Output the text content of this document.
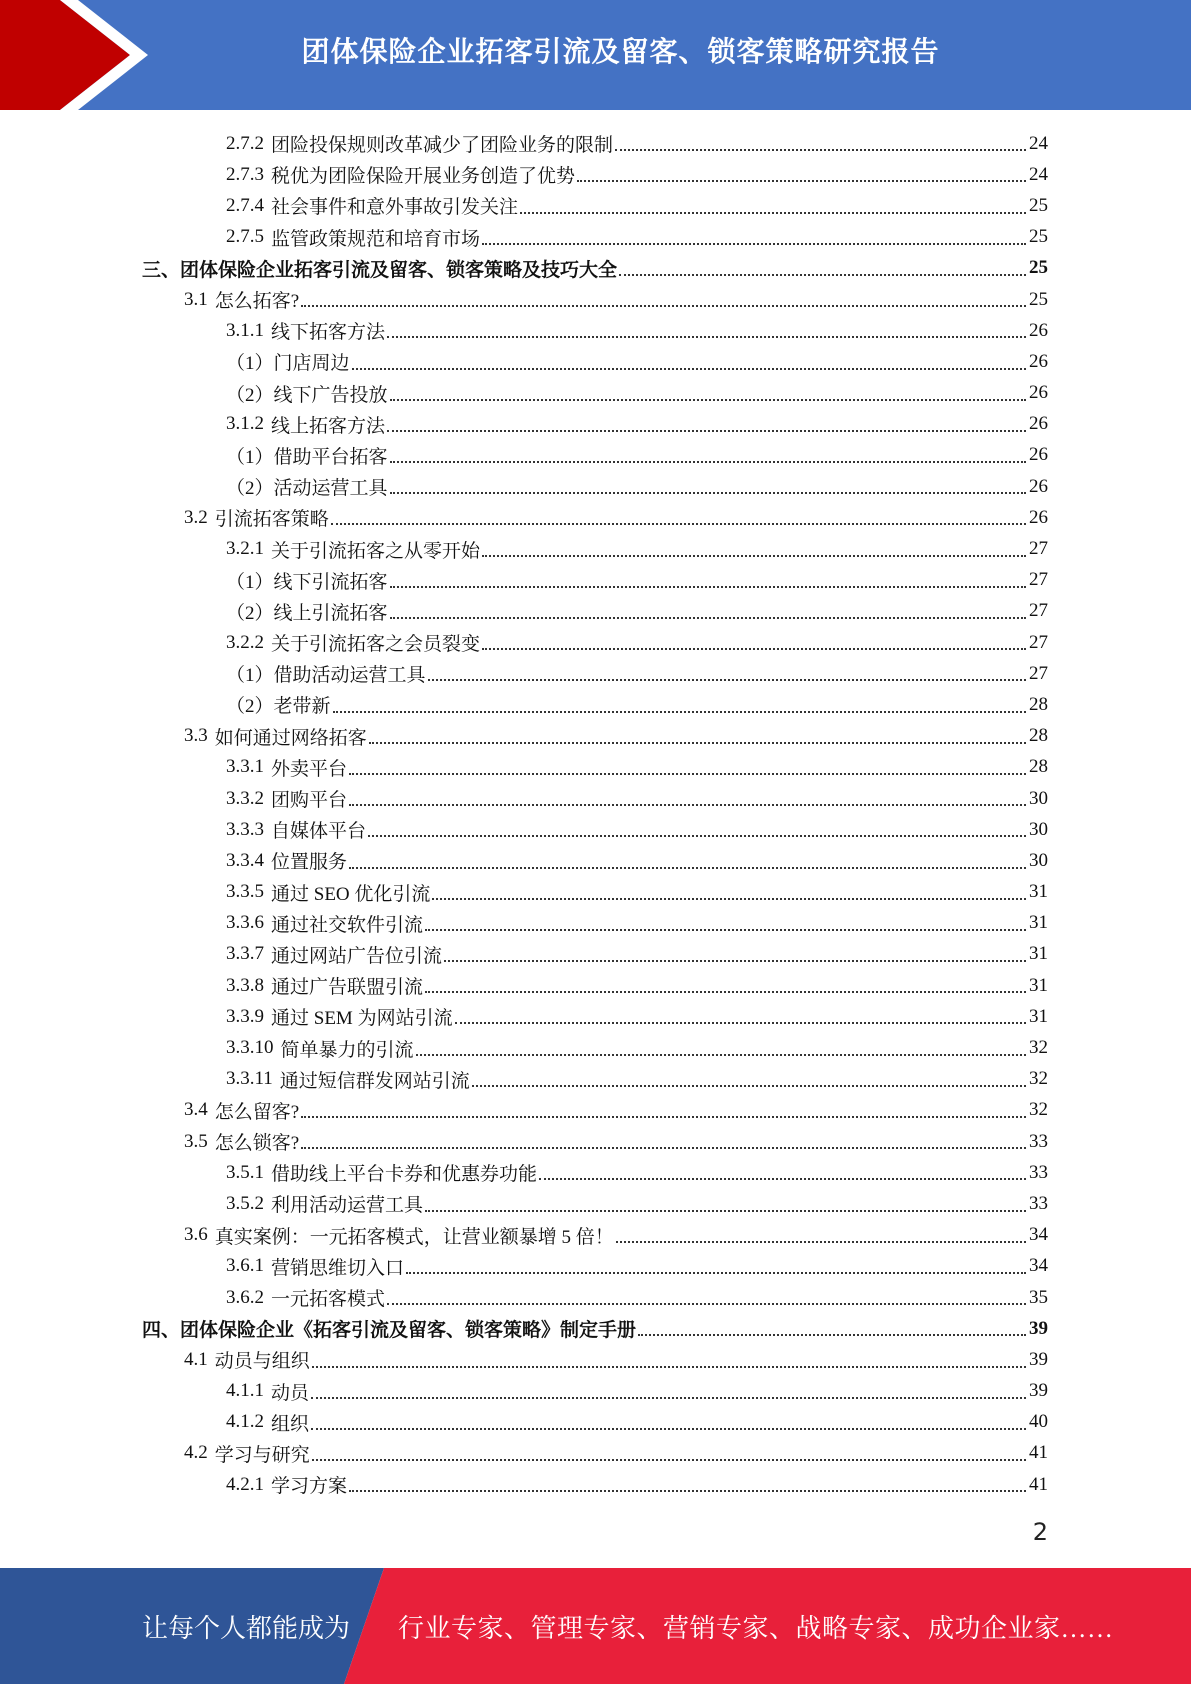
团体保险企业拓客引流及留客、锁客策略研究报告
2.7.2 团险投保规则改革减少了团险业务的限制	24
2.7.3 税优为团险保险开展业务创造了优势	24
2.7.4 社会事件和意外事故引发关注	25
2.7.5 监管政策规范和培育市场	25
三、团体保险企业拓客引流及留客、锁客策略及技巧大全	25
3.1 怎么拓客?	25
3.1.1 线下拓客方法	26
（1）门店周边	26
（2）线下广告投放	26
3.1.2 线上拓客方法	26
（1）借助平台拓客	26
（2）活动运营工具	26
3.2 引流拓客策略	26
3.2.1 关于引流拓客之从零开始	27
（1）线下引流拓客	27
（2）线上引流拓客	27
3.2.2 关于引流拓客之会员裂变	27
（1）借助活动运营工具	27
（2）老带新	28
3.3 如何通过网络拓客	28
3.3.1 外卖平台	28
3.3.2 团购平台	30
3.3.3 自媒体平台	30
3.3.4 位置服务	30
3.3.5 通过 SEO 优化引流	31
3.3.6 通过社交软件引流	31
3.3.7 通过网站广告位引流	31
3.3.8 通过广告联盟引流	31
3.3.9 通过 SEM 为网站引流	31
3.3.10 简单暴力的引流	32
3.3.11 通过短信群发网站引流	32
3.4 怎么留客?	32
3.5 怎么锁客?	33
3.5.1 借助线上平台卡券和优惠券功能	33
3.5.2 利用活动运营工具	33
3.6 真实案例：一元拓客模式，让营业额暴增 5 倍！	34
3.6.1 营销思维切入口	34
3.6.2 一元拓客模式	35
四、团体保险企业《拓客引流及留客、锁客策略》制定手册	39
4.1 动员与组织	39
4.1.1 动员	39
4.1.2 组织	40
4.2 学习与研究	41
4.2.1 学习方案	41
2
让每个人都能成为 行业专家、管理专家、营销专家、战略专家、成功企业家……
